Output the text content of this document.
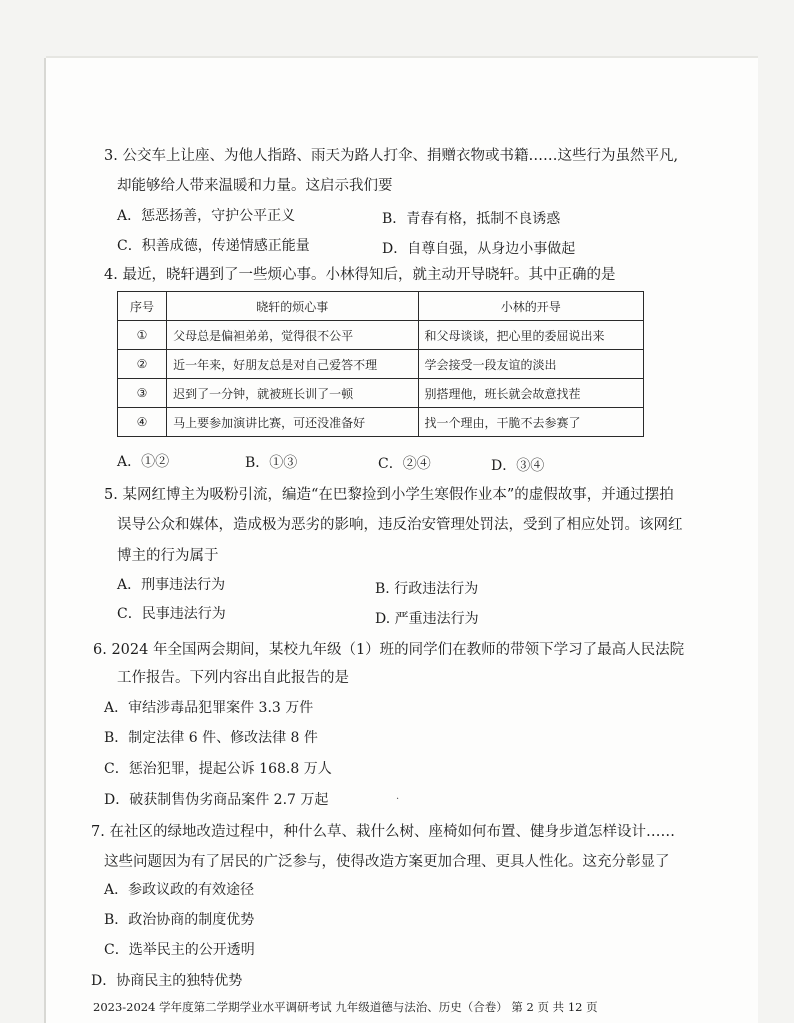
3. 公交车上让座、为他人指路、雨天为路人打伞、捐赠衣物或书籍……这些行为虽然平凡,
却能够给人带来温暖和力量。这启示我们要
A．惩恶扬善，守护公平正义	B．青春有格，抵制不良诱惑
C．积善成德，传递情感正能量	D．自尊自强，从身边小事做起
4. 最近，晓轩遇到了一些烦心事。小林得知后，就主动开导晓轩。其中正确的是
序号	晓轩的烦心事	小林的开导
①	父母总是偏袒弟弟，觉得很不公平	和父母谈谈，把心里的委屈说出来
②	近一年来，好朋友总是对自己爱答不理	学会接受一段友谊的淡出
③	迟到了一分钟，就被班长训了一顿	别搭理他，班长就会故意找茬
④	马上要参加演讲比赛，可还没准备好	找一个理由，干脆不去参赛了
A．①②	B．①③	C．②④	D．③④
5. 某网红博主为吸粉引流，编造“在巴黎捡到小学生寒假作业本”的虚假故事，并通过摆拍
误导公众和媒体，造成极为恶劣的影响，违反治安管理处罚法，受到了相应处罚。该网红
博主的行为属于
A．刑事违法行为	B. 行政违法行为
C．民事违法行为	D. 严重违法行为
6. 2024 年全国两会期间，某校九年级（1）班的同学们在教师的带领下学习了最高人民法院
工作报告。下列内容出自此报告的是
A．审结涉毒品犯罪案件 3.3 万件
B．制定法律 6 件、修改法律 8 件
C．惩治犯罪，提起公诉 168.8 万人
D．破获制售伪劣商品案件 2.7 万起	·
7. 在社区的绿地改造过程中，种什么草、栽什么树、座椅如何布置、健身步道怎样设计……
这些问题因为有了居民的广泛参与，使得改造方案更加合理、更具人性化。这充分彰显了
A．参政议政的有效途径
B．政治协商的制度优势
C．选举民主的公开透明
D．协商民主的独特优势
2023-2024 学年度第二学期学业水平调研考试 九年级道德与法治、历史（合卷） 第 2 页 共 12 页
